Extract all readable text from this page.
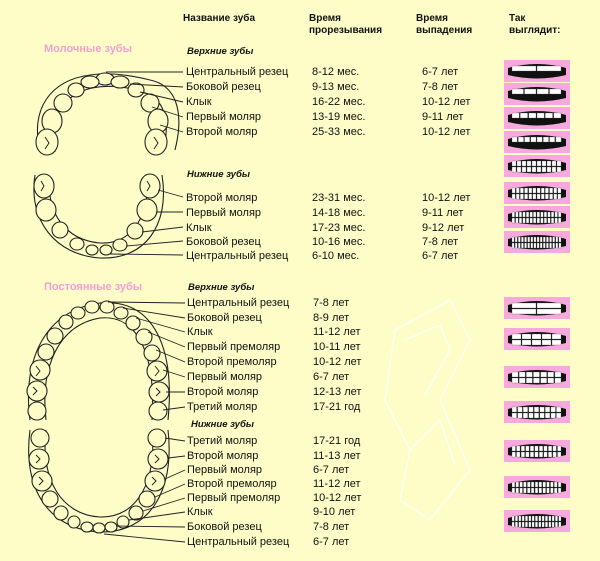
Название зуба	Время прорезывания
Время выпадения
Так выглядит:
Молочные зубы	Верхние зубы
Нижние зубы
Постоянные зубы	Верхние зубы
Нижние зубы
Центральный резец 8-12 мес.	6-7 лет
Боковой резец	9-13 мес.	7-8 лет
Клык	16-22 мес.	10-12 лет
Первый моляр	13-19 мес.	9-11 лет
Второй моляр	25-33 мес.	10-12 лет
Второй моляр	23-31 мес.	10-12 лет
Первый моляр	14-18 мес.	9-11 лет
Клык	17-23 мес.	9-12 лет
Боковой резец	10-16 мес.	7-8 лет
Центральный резец 6-10 мес.	6-7 лет
Центральный резец 7-8 лет
Боковой резец	8-9 лет
Клык	11-12 лет
Первый премоляр	10-11 лет
Второй премоляр	10-12 лет
Первый моляр	6-7 лет
Второй моляр	12-13 лет
Третий моляр	17-21 год
Третий моляр	17-21 год
Второй моляр	11-13 лет
Первый моляр	6-7 лет
Второй премоляр	11-12 лет
Первый премоляр	10-12 лет
Клык	9-10 лет
Боковой резец	7-8 лет
Центральный резец 6-7 лет
